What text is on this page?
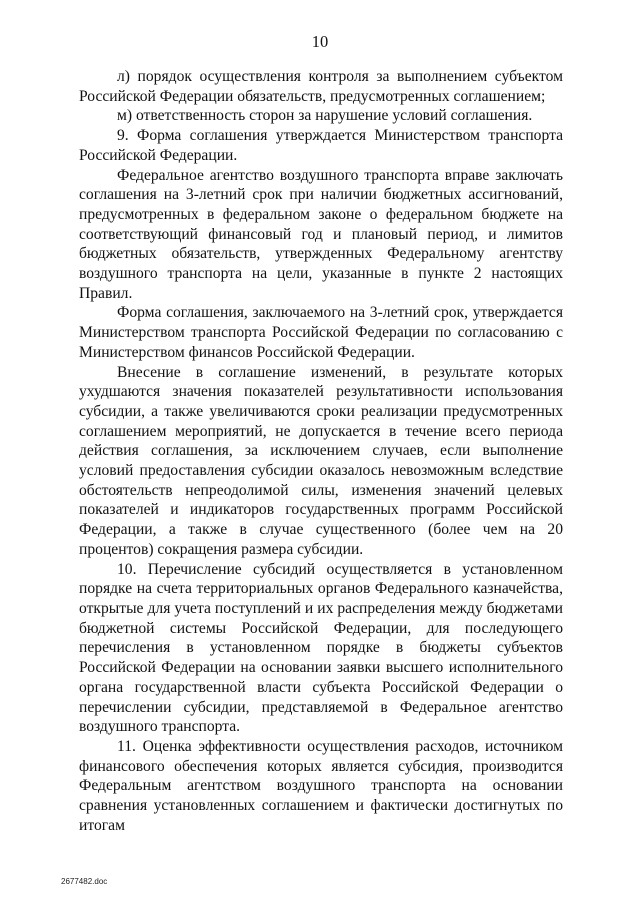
10

л) порядок осуществления контроля за выполнением субъектом Российской Федерации обязательств, предусмотренных соглашением;

м) ответственность сторон за нарушение условий соглашения.

9. Форма соглашения утверждается Министерством транспорта Российской Федерации.

Федеральное агентство воздушного транспорта вправе заключать соглашения на 3-летний срок при наличии бюджетных ассигнований, предусмотренных в федеральном законе о федеральном бюджете на соответствующий финансовый год и плановый период, и лимитов бюджетных обязательств, утвержденных Федеральному агентству воздушного транспорта на цели, указанные в пункте 2 настоящих Правил.

Форма соглашения, заключаемого на 3-летний срок, утверждается Министерством транспорта Российской Федерации по согласованию с Министерством финансов Российской Федерации.

Внесение в соглашение изменений, в результате которых ухудшаются значения показателей результативности использования субсидии, а также увеличиваются сроки реализации предусмотренных соглашением мероприятий, не допускается в течение всего периода действия соглашения, за исключением случаев, если выполнение условий предоставления субсидии оказалось невозможным вследствие обстоятельств непреодолимой силы, изменения значений целевых показателей и индикаторов государственных программ Российской Федерации, а также в случае существенного (более чем на 20 процентов) сокращения размера субсидии.

10. Перечисление субсидий осуществляется в установленном порядке на счета территориальных органов Федерального казначейства, открытые для учета поступлений и их распределения между бюджетами бюджетной системы Российской Федерации, для последующего перечисления в установленном порядке в бюджеты субъектов Российской Федерации на основании заявки высшего исполнительного органа государственной власти субъекта Российской Федерации о перечислении субсидии, представляемой в Федеральное агентство воздушного транспорта.

11. Оценка эффективности осуществления расходов, источником финансового обеспечения которых является субсидия, производится Федеральным агентством воздушного транспорта на основании сравнения установленных соглашением и фактически достигнутых по итогам

2677482.doc
